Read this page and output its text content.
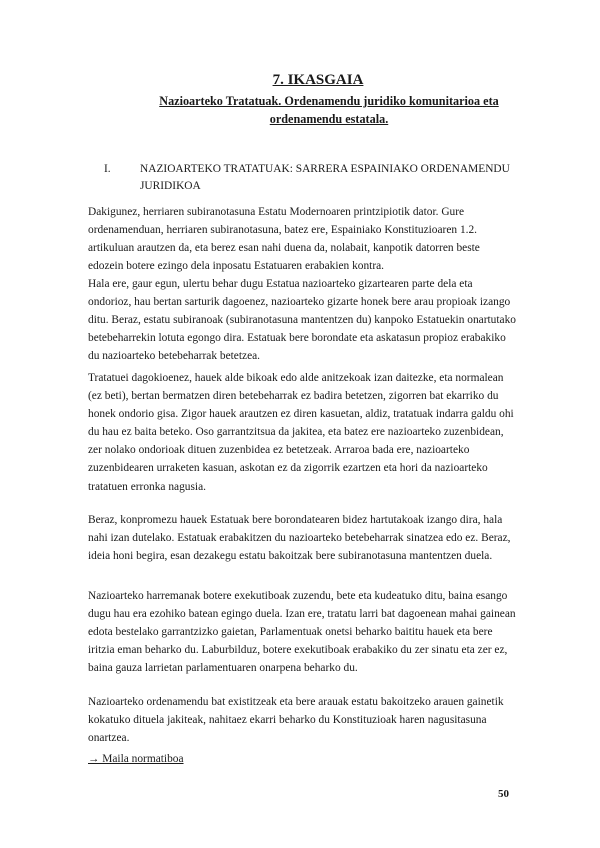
7. IKASGAIA
Nazioarteko Tratatuak. Ordenamendu juridiko komunitarioa eta ordenamendu estatala.
I.	NAZIOARTEKO TRATATUAK: SARRERA ESPAINIAKO ORDENAMENDU JURIDIKOA

Dakigunez, herriaren subiranotasuna Estatu Modernoaren printzipiotik dator. Gure ordenamenduan, herriaren subiranotasuna, batez ere, Espainiako Konstituzioaren 1.2. artikuluan arautzen da, eta berez esan nahi duena da, nolabait, kanpotik datorren beste edozein botere ezingo dela inposatu Estatuaren erabakien kontra.

Hala ere, gaur egun, ulertu behar dugu Estatua nazioarteko gizartearen parte dela eta ondorioz, hau bertan sarturik dagoenez, nazioarteko gizarte honek bere arau propioak izango ditu. Beraz, estatu subiranoak (subiranotasuna mantentzen du) kanpoko Estatuekin onartutako betebeharrekin lotuta egongo dira. Estatuak bere borondate eta askatasun propioz erabakiko du nazioarteko betebeharrak betetzea.

Tratatuei dagokioenez, hauek alde bikoak edo alde anitzekoak izan daitezke, eta normalean (ez beti), bertan bermatzen diren betebeharrak ez badira betetzen, zigorren bat ekarriko du honek ondorio gisa. Zigor hauek arautzen ez diren kasuetan, aldiz, tratatuak indarra galdu ohi du hau ez baita beteko. Oso garrantzitsua da jakitea, eta batez ere nazioarteko zuzenbidean, zer nolako ondorioak dituen zuzenbidea ez betetzeak. Arraroa bada ere, nazioarteko zuzenbidearen urraketen kasuan, askotan ez da zigorrik ezartzen eta hori da nazioarteko tratatuen erronka nagusia.

Beraz, konpromezu hauek Estatuak bere borondatearen bidez hartutakoak izango dira, hala nahi izan dutelako. Estatuak erabakitzen du nazioarteko betebeharrak sinatzea edo ez. Beraz, ideia honi begira, esan dezakegu estatu bakoitzak bere subiranotasuna mantentzen duela.

Nazioarteko harremanak botere exekutiboak zuzendu, bete eta kudeatuko ditu, baina esango dugu hau era ezohiko batean egingo duela. Izan ere, tratatu larri bat dagoenean mahai gainean edota bestelako garrantzizko gaietan, Parlamentuak onetsi beharko baititu hauek eta bere iritzia eman beharko du. Laburbilduz, botere exekutiboak erabakiko du zer sinatu eta zer ez, baina gauza larrietan parlamentuaren onarpena beharko du.

Nazioarteko ordenamendu bat existitzeak eta bere arauak estatu bakoitzeko arauen gainetik kokatuko dituela jakiteak, nahitaez ekarri beharko du Konstituzioak haren nagusitasuna onartzea.

→ Maila normatiboa
50
